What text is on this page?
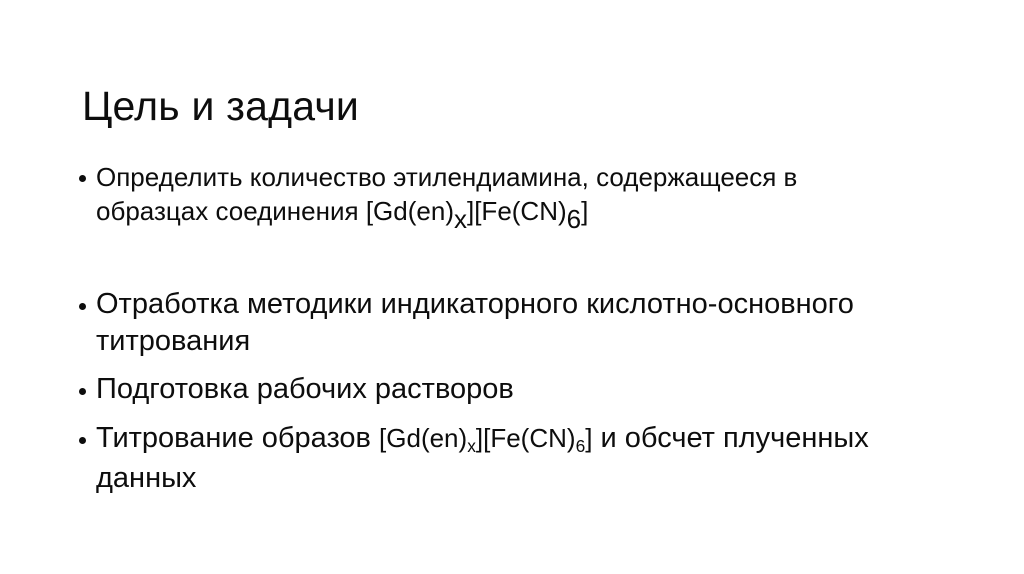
Цель и задачи

Определить количество этилендиамина, содержащееся в
образцах соединения [Gd(en)x][Fe(CN)6]

Отработка методики индикаторного кислотно-основного
титрования

Подготовка рабочих растворов

Титрование образов [Gd(en)x][Fe(CN)6] и обсчет плученных
данных
